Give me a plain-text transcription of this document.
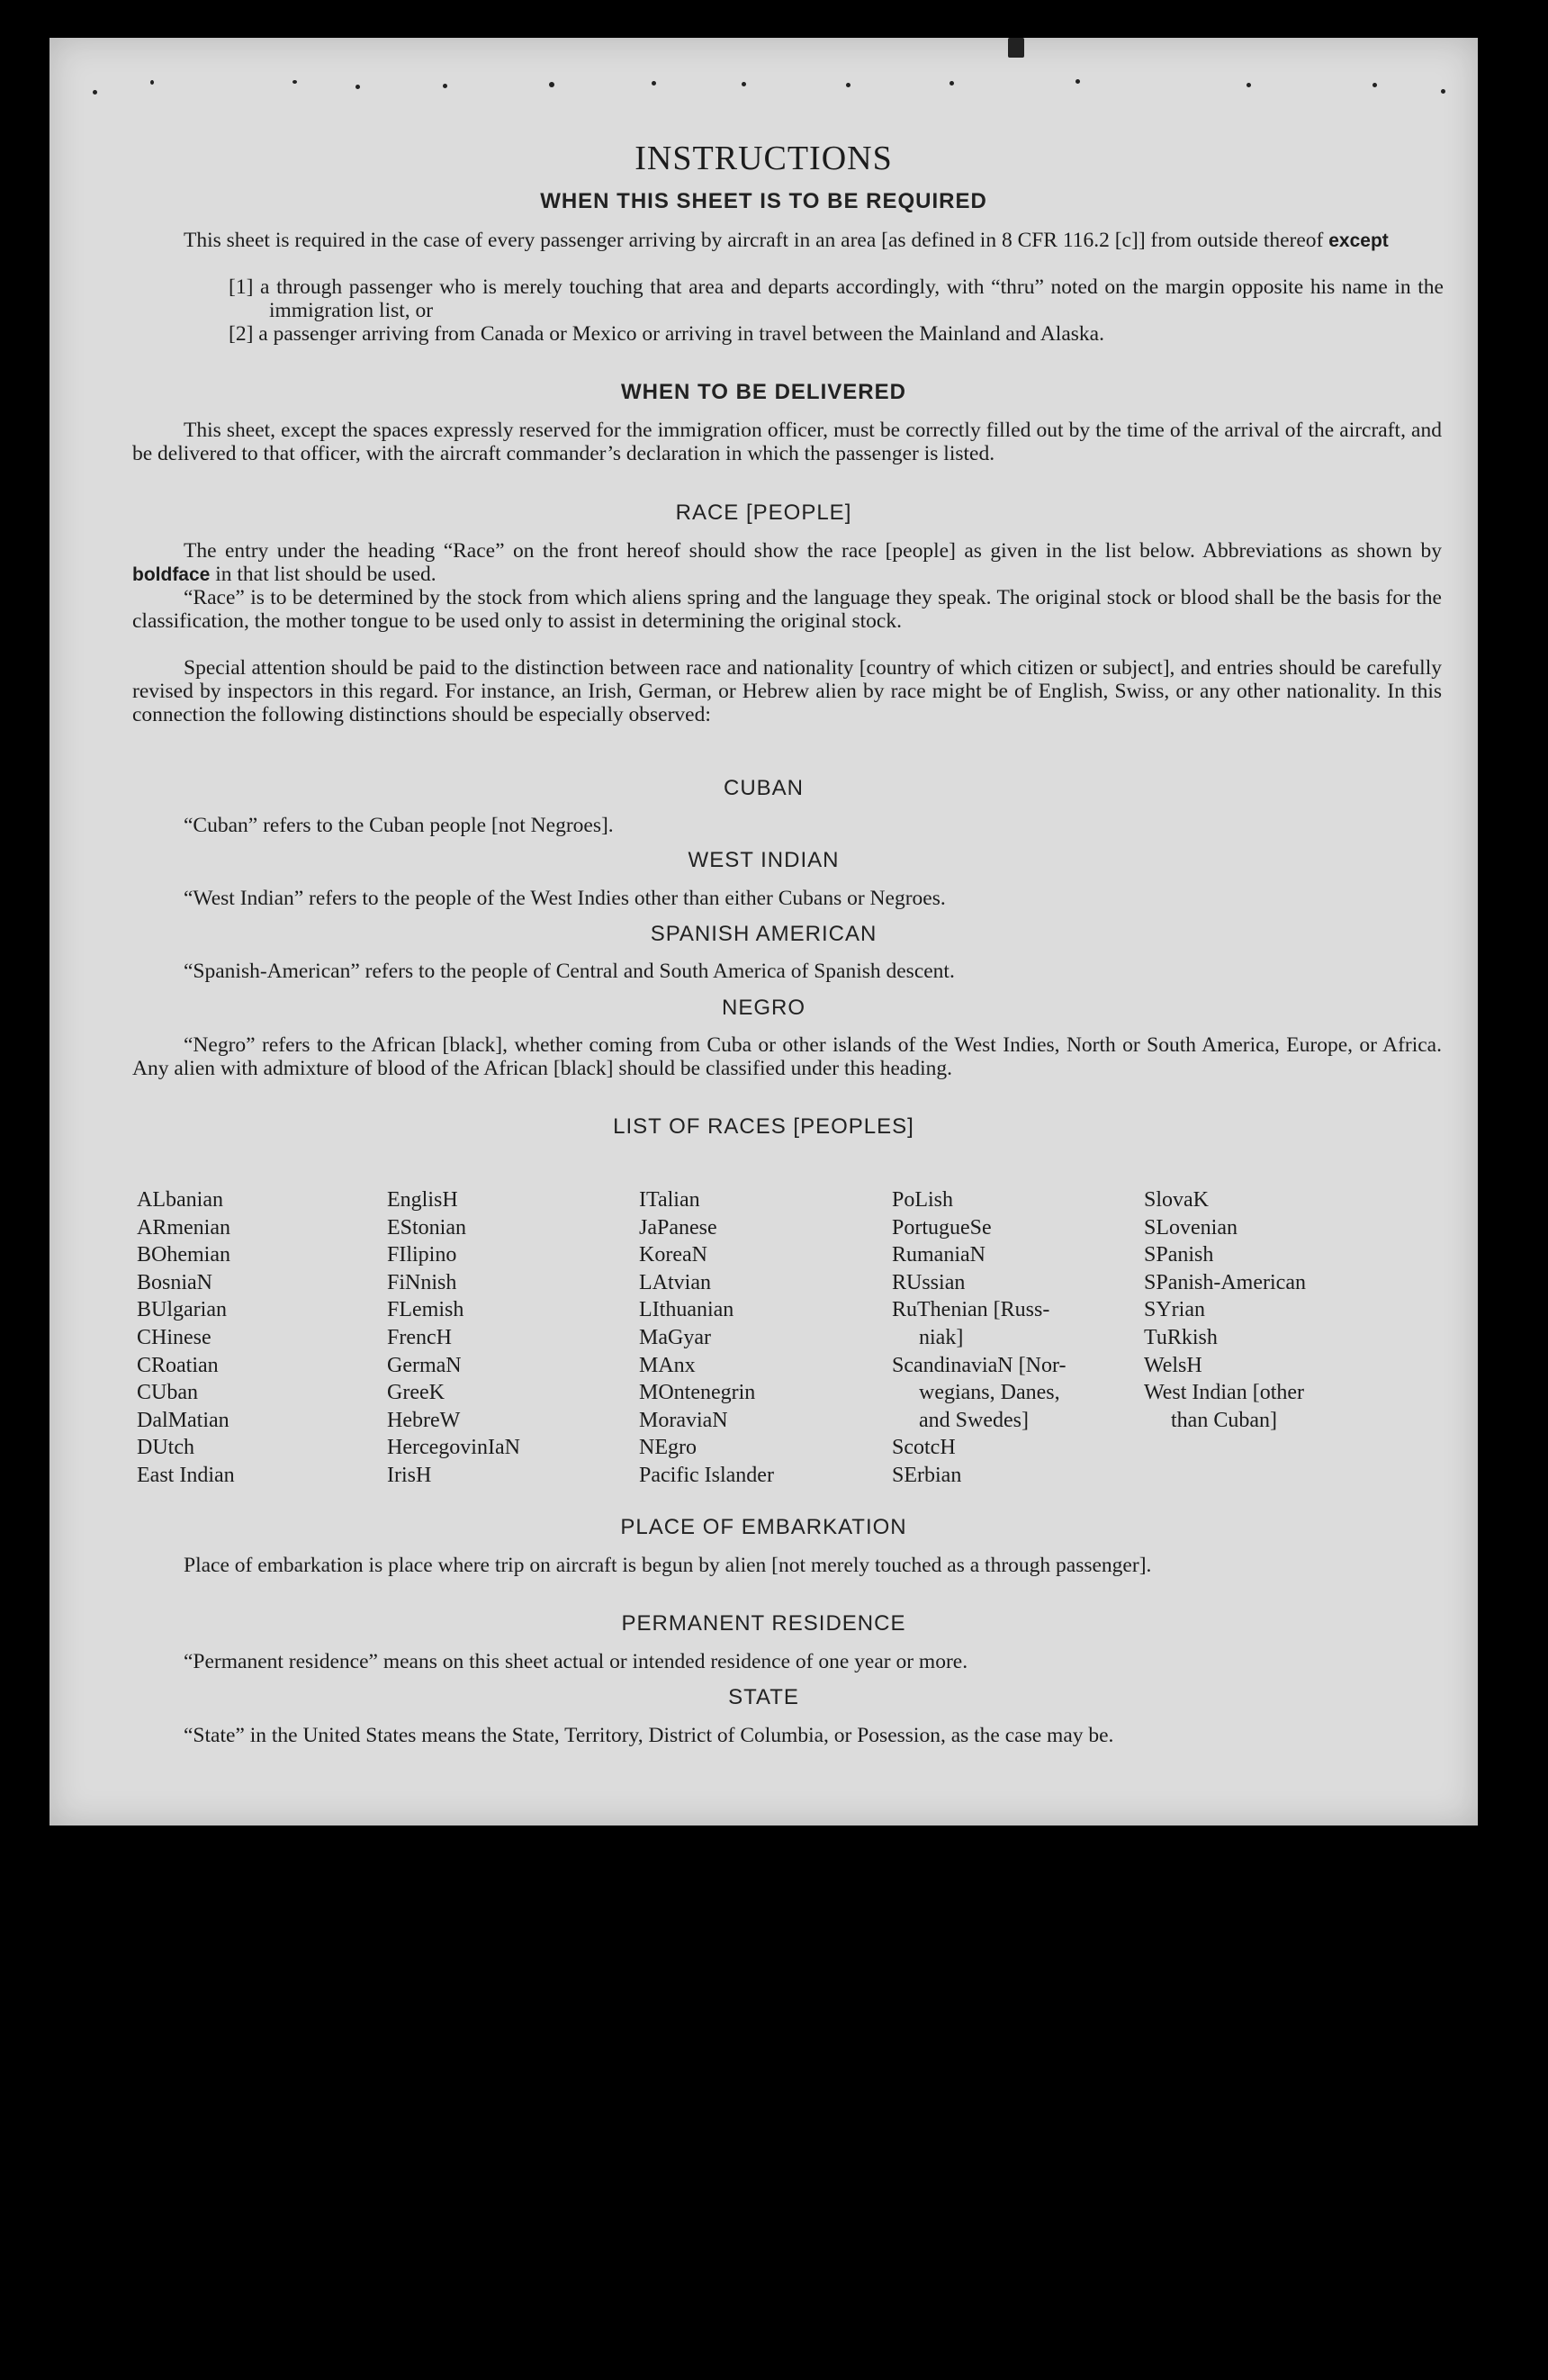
INSTRUCTIONS
WHEN THIS SHEET IS TO BE REQUIRED
This sheet is required in the case of every passenger arriving by aircraft in an area [as defined in 8 CFR 116.2 [c]] from outside thereof except
[1] a through passenger who is merely touching that area and departs accordingly, with “thru” noted on the margin opposite his name in the immigration list, or
[2] a passenger arriving from Canada or Mexico or arriving in travel between the Mainland and Alaska.
WHEN TO BE DELIVERED
This sheet, except the spaces expressly reserved for the immigration officer, must be correctly filled out by the time of the arrival of the aircraft, and be delivered to that officer, with the aircraft commander’s declaration in which the passenger is listed.
RACE [PEOPLE]
The entry under the heading “Race” on the front hereof should show the race [people] as given in the list below. Abbreviations as shown by boldface in that list should be used.
“Race” is to be determined by the stock from which aliens spring and the language they speak. The original stock or blood shall be the basis for the classification, the mother tongue to be used only to assist in determining the original stock.
Special attention should be paid to the distinction between race and nationality [country of which citizen or subject], and entries should be carefully revised by inspectors in this regard. For instance, an Irish, German, or Hebrew alien by race might be of English, Swiss, or any other nationality. In this connection the following distinctions should be especially observed:
CUBAN
“Cuban” refers to the Cuban people [not Negroes].
WEST INDIAN
“West Indian” refers to the people of the West Indies other than either Cubans or Negroes.
SPANISH AMERICAN
“Spanish-American” refers to the people of Central and South America of Spanish descent.
NEGRO
“Negro” refers to the African [black], whether coming from Cuba or other islands of the West Indies, North or South America, Europe, or Africa. Any alien with admixture of blood of the African [black] should be classified under this heading.
LIST OF RACES [PEOPLES]
ALbanian
ARmenian
BOhemian
BosniaN
BUlgarian
CHinese
CRoatian
CUban
DalMatian
DUtch
East Indian
EnglisH
EStonian
FIlipino
FiNnish
FLemish
FrencH
GermaN
GreeK
HebreW
HercegovinIaN
IrisH
ITalian
JaPanese
KoreaN
LAtvian
LIthuanian
MaGyar
MAnx
MOntenegrin
MoraviaN
NEgro
Pacific Islander
PoLish
PortugueSe
RumaniaN
RUssian
RuThenian [Russ-
niak]
ScandinaviaN [Nor-
wegians, Danes,
and Swedes]
ScotcH
SErbian
SlovaK
SLovenian
SPanish
SPanish-American
SYrian
TuRkish
WelsH
West Indian [other
than Cuban]
PLACE OF EMBARKATION
Place of embarkation is place where trip on aircraft is begun by alien [not merely touched as a through passenger].
PERMANENT RESIDENCE
“Permanent residence” means on this sheet actual or intended residence of one year or more.
STATE
“State” in the United States means the State, Territory, District of Columbia, or Posession, as the case may be.
